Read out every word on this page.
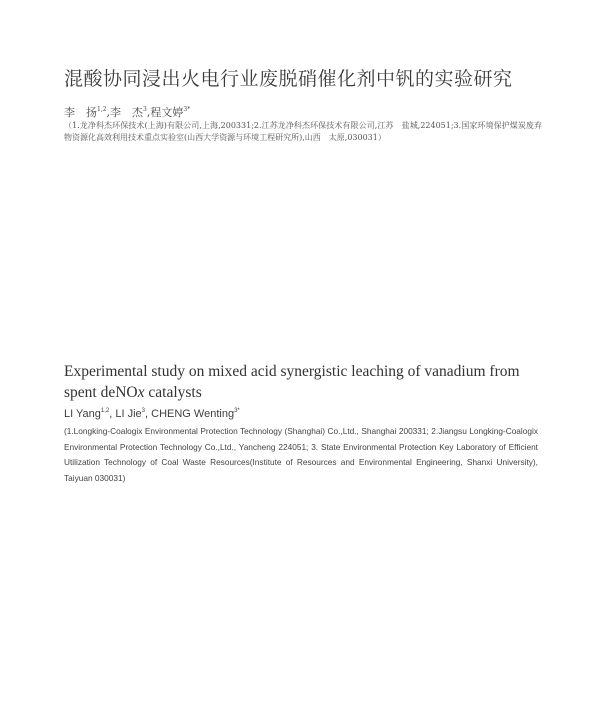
混酸协同浸出火电行业废脱硝催化剂中钒的实验研究
李　扬$^{1,2}$,李　杰$^3$,程文婷$^{3*}$
（1.龙净科杰环保技术(上海)有限公司,上海,200331;2.江苏龙净科杰环保技术有限公司,江苏　盐城,224051;3.国家环境保护煤炭废弃物资源化高效利用技术重点实验室(山西大学资源与环境工程研究所),山西　太原,030031）
Experimental study on mixed acid synergistic leaching of vanadium from spent deNOx catalysts
LI Yang$^{1,2}$, LI Jie$^3$, CHENG Wenting$^{3*}$
(1.Longking-Coalogix Environmental Protection Technology (Shanghai) Co.,Ltd., Shanghai 200331; 2.Jiangsu Longking-Coalogix Environmental Protection Technology Co.,Ltd., Yancheng 224051; 3. State Environmental Protection Key Laboratory of Efficient Utilization Technology of Coal Waste Resources(Institute of Resources and Environmental Engineering, Shanxi University), Taiyuan 030031)
